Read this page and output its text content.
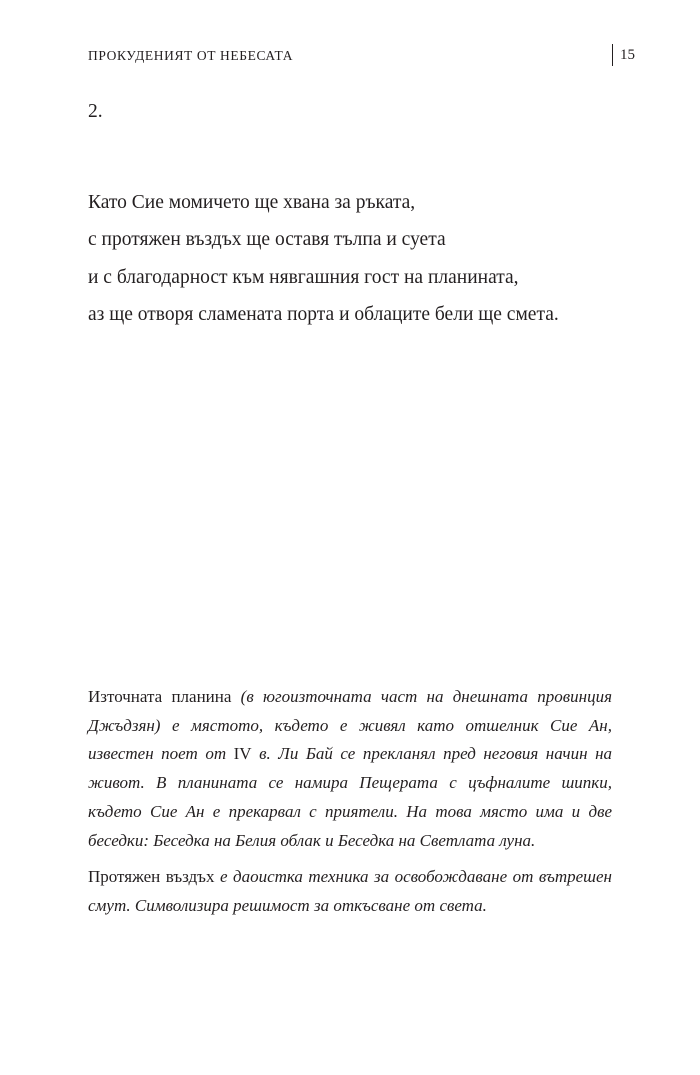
ПРОКУДЕНИЯТ ОТ НЕБЕСАТА	15
2.
Като Сие момичето ще хвана за ръката,
с протяжен въздъх ще оставя тълпа и суета
и с благодарност към нявгашния гост на планината,
аз ще отворя сламената порта и облаците бели ще смета.

Източната планина (в югоизточната част на днешната провинция Джъдзян) е мястото, където е живял като отшелник Сие Ан, известен поет от IV в. Ли Бай се прекланял пред неговия начин на живот. В планината се намира Пещерата с цъфналите шипки, където Сие Ан е прекарвал с приятели. На това място има и две беседки: Беседка на Белия облак и Беседка на Светлата луна.

Протяжен въздъх е даоистка техника за освобождаване от вътрешен смут. Символизира решимост за откъсване от света.
